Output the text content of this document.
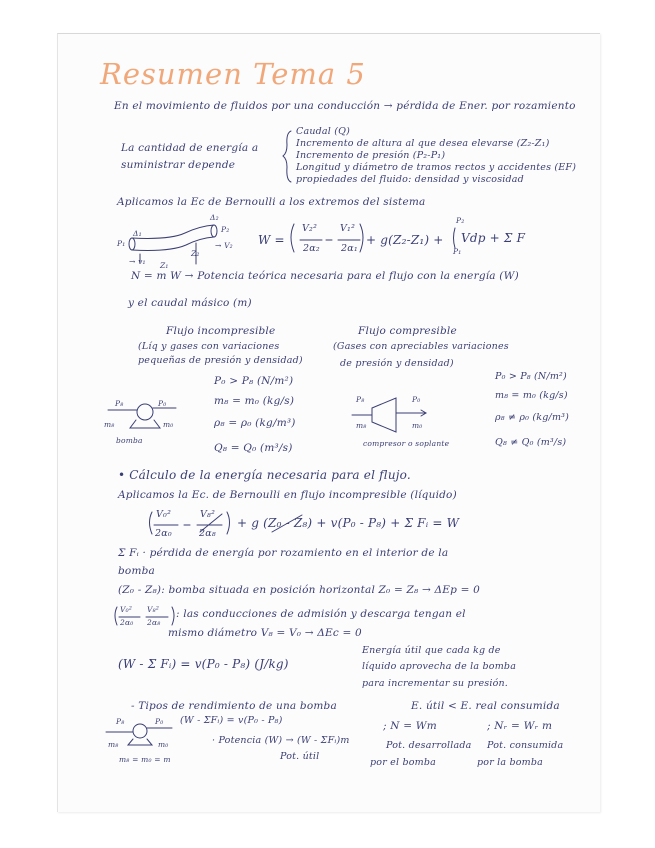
Resumen Tema 5
En el movimiento de fluidos por una conducción → pérdida de Ener. por rozamiento
La cantidad de energía a
suministrar depende
Caudal (Q)
Incremento de altura al que desea elevarse (Z₂-Z₁)
Incremento de presión (P₂-P₁)
Longitud y diámetro de tramos rectos y accidentes (EF)
propiedades del fluido: densidad y viscosidad
Aplicamos la Ec de Bernoulli a los extremos del sistema
Δ₁
Δ₂
P₁
P₂
→ v₁
→ V₂
Z₁
Z₂
W =
V₂²
2α₂
V₁²
2α₁
+ g(Z₂-Z₁) +
P₂
P₁
Vdp + Σ F
N = m W → Potencia teórica necesaria para el flujo con la energía (W)
y el caudal másico (m)
Flujo incompresible
(Líq y gases con variaciones
pequeñas de presión y densidad)
P₀ > P₈ (N/m²)
m₈ = m₀ (kg/s)
ρ₈ = ρ₀ (kg/m³)
Q₈ = Q₀ (m³/s)
P₈	P₀
m₈	m₀
bomba
Flujo compresible
(Gases con apreciables variaciones
de presión y densidad)
P₀ > P₈ (N/m²)
m₈ = m₀ (kg/s)
ρ₈ ≠ ρ₀ (kg/m³)
Q₈ ≠ Q₀ (m³/s)
P₈	P₀
m₈	m₀
compresor o soplante
• Cálculo de la energía necesaria para el flujo.
Aplicamos la Ec. de Bernoulli en flujo incompresible (líquido)
V₀²
2α₀
V₈²
2α₈
+ g (Z₀ - Z₈) + v(P₀ - P₈) + Σ Fᵢ = W
Σ Fᵢ · pérdida de energía por rozamiento en el interior de la
bomba
(Z₀ - Z₈): bomba situada en posición horizontal Z₀ = Z₈ → ΔEp = 0
V₀²
2α₀
V₈²
2α₈
: las conducciones de admisión y descarga tengan el
mismo diámetro V₈ = V₀ → ΔEc = 0
(W - Σ Fᵢ) = v(P₀ - P₈) (J/kg)
Energía útil que cada kg de
líquido aprovecha de la bomba
para incrementar su presión.
- Tipos de rendimiento de una bomba	E. útil < E. real consumida
P₈	P₀
m₈	m₀
m₈ = m₀ = m
(W - ΣFᵢ) = v(P₀ - P₈)
· Potencia (W) → (W - ΣFᵢ)m
Pot. útil
; N = Wm
Pot. desarrollada
por el bomba
; Nᵣ = Wᵣ m
Pot. consumida
por la bomba
